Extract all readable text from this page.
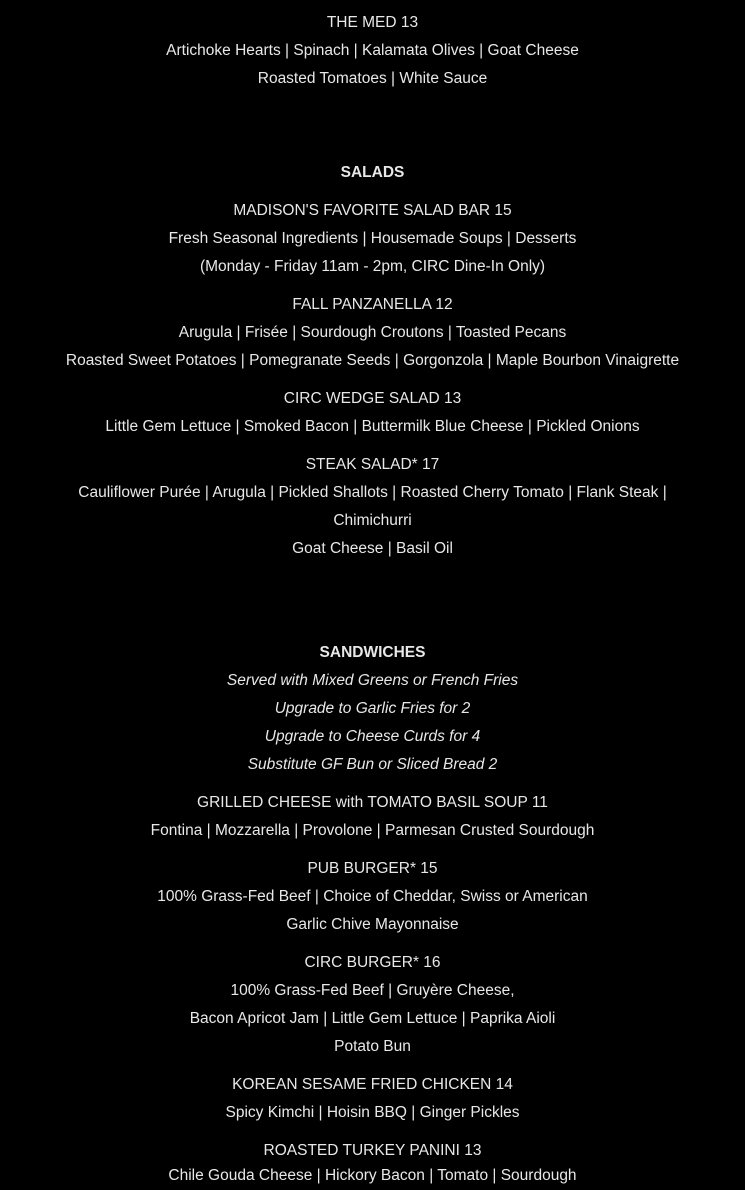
THE MED 13
Artichoke Hearts | Spinach | Kalamata Olives | Goat Cheese
Roasted Tomatoes | White Sauce
SALADS
MADISON'S FAVORITE SALAD BAR 15
Fresh Seasonal Ingredients | Housemade Soups | Desserts
(Monday - Friday 11am - 2pm, CIRC Dine-In Only)
FALL PANZANELLA 12
Arugula | Frisée | Sourdough Croutons | Toasted Pecans
Roasted Sweet Potatoes | Pomegranate Seeds | Gorgonzola | Maple Bourbon Vinaigrette
CIRC WEDGE SALAD 13
Little Gem Lettuce | Smoked Bacon | Buttermilk Blue Cheese | Pickled Onions
STEAK SALAD* 17
Cauliflower Purée | Arugula | Pickled Shallots | Roasted Cherry Tomato | Flank Steak |
Chimichurri
Goat Cheese | Basil Oil
SANDWICHES
Served with Mixed Greens or French Fries
Upgrade to Garlic Fries for 2
Upgrade to Cheese Curds for 4
Substitute GF Bun or Sliced Bread 2
GRILLED CHEESE with TOMATO BASIL SOUP 11
Fontina | Mozzarella | Provolone | Parmesan Crusted Sourdough
PUB BURGER* 15
100% Grass-Fed Beef | Choice of Cheddar, Swiss or American
Garlic Chive Mayonnaise
CIRC BURGER* 16
100% Grass-Fed Beef | Gruyère Cheese,
Bacon Apricot Jam | Little Gem Lettuce | Paprika Aioli
Potato Bun
KOREAN SESAME FRIED CHICKEN 14
Spicy Kimchi | Hoisin BBQ | Ginger Pickles
ROASTED TURKEY PANINI 13
Chile Gouda Cheese | Hickory Bacon | Tomato | Sourdough
